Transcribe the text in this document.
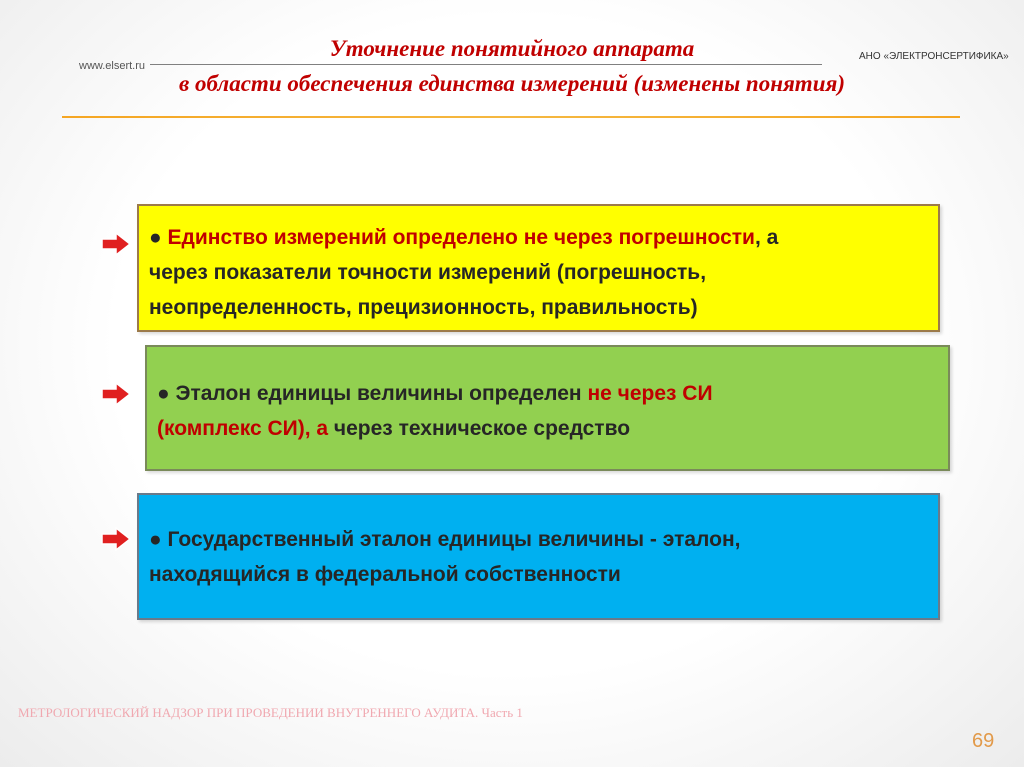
Уточнение понятийного аппарата
в области обеспечения единства измерений (изменены понятия)
www.elsert.ru
АНО «ЭЛЕКТРОНСЕРТИФИКА»
● Единство измерений определено не через погрешности, а
через показатели точности измерений (погрешность,
неопределенность, прецизионность, правильность)
● Эталон единицы величины определен не через СИ
(комплекс СИ), а через техническое средство
● Государственный эталон единицы величины - эталон,
находящийся в федеральной собственности
МЕТРОЛОГИЧЕСКИЙ НАДЗОР ПРИ ПРОВЕДЕНИИ ВНУТРЕННЕГО АУДИТА. Часть 1
69
